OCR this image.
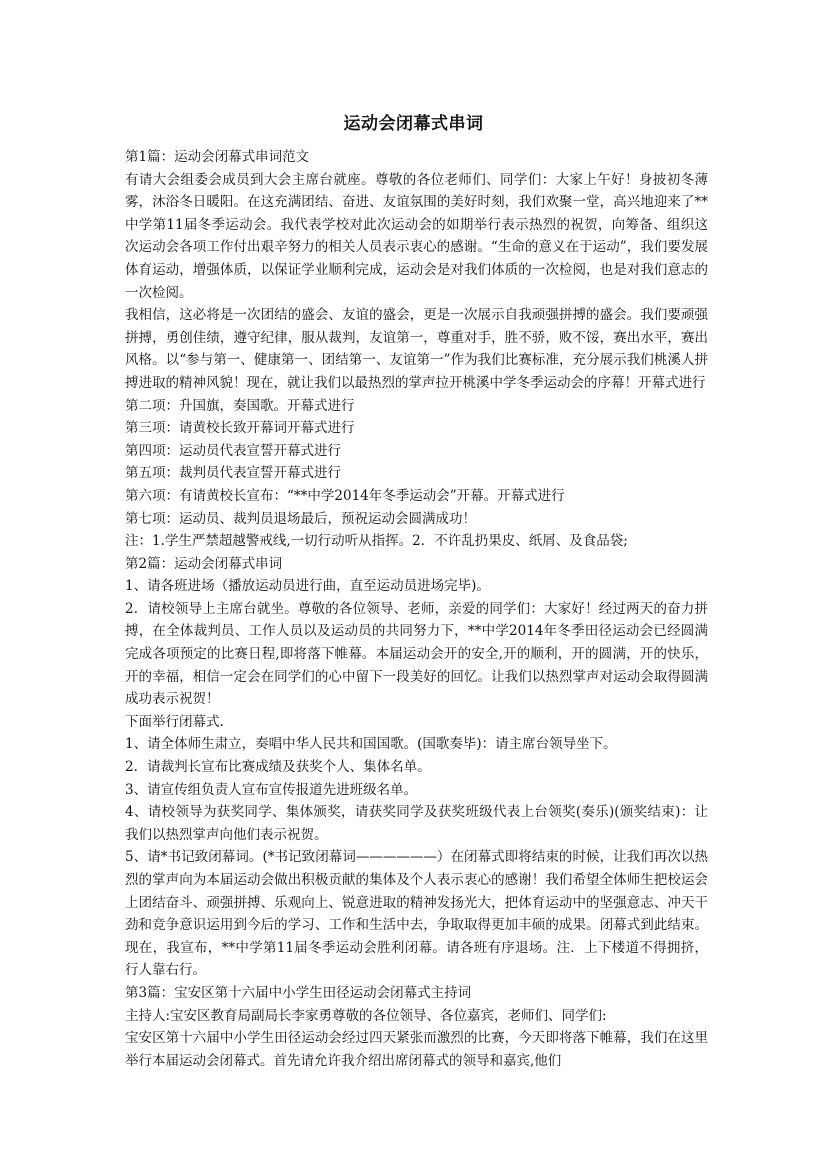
运动会闭幕式串词

第1篇：运动会闭幕式串词范文

有请大会组委会成员到大会主席台就座。尊敬的各位老师们、同学们：大家上午好！身披初冬薄雾，沐浴冬日暖阳。在这充满团结、奋进、友谊氛围的美好时刻，我们欢聚一堂，高兴地迎来了**中学第11届冬季运动会。我代表学校对此次运动会的如期举行表示热烈的祝贺，向筹备、组织这次运动会各项工作付出艰辛努力的相关人员表示衷心的感谢。“生命的意义在于运动”，我们要发展体育运动，增强体质，以保证学业顺利完成，运动会是对我们体质的一次检阅，也是对我们意志的一次检阅。

我相信，这必将是一次团结的盛会、友谊的盛会，更是一次展示自我顽强拼搏的盛会。我们要顽强拼搏，勇创佳绩，遵守纪律，服从裁判，友谊第一，尊重对手，胜不骄，败不馁，赛出水平，赛出风格。以“参与第一、健康第一、团结第一、友谊第一”作为我们比赛标准，充分展示我们桃溪人拼搏进取的精神风貌！现在，就让我们以最热烈的掌声拉开桃溪中学冬季运动会的序幕！开幕式进行

第二项：升国旗，奏国歌。开幕式进行

第三项：请黄校长致开幕词开幕式进行

第四项：运动员代表宣誓开幕式进行

第五项：裁判员代表宣誓开幕式进行

第六项：有请黄校长宣布：“**中学2014年冬季运动会”开幕。开幕式进行

第七项：运动员、裁判员退场最后，预祝运动会圆满成功！

注：1.学生严禁超越警戒线,一切行动听从指挥。2．不许乱扔果皮、纸屑、及食品袋;

第2篇：运动会闭幕式串词

1、请各班进场（播放运动员进行曲，直至运动员进场完毕)。

2．请校领导上主席台就坐。尊敬的各位领导、老师，亲爱的同学们：大家好！经过两天的奋力拼搏，在全体裁判员、工作人员以及运动员的共同努力下，**中学2014年冬季田径运动会已经圆满完成各项预定的比赛日程,即将落下帷幕。本届运动会开的安全,开的顺利，开的圆满，开的快乐，开的幸福，相信一定会在同学们的心中留下一段美好的回忆。让我们以热烈掌声对运动会取得圆满成功表示祝贺！

下面举行闭幕式.

1、请全体师生肃立，奏唱中华人民共和国国歌。(国歌奏毕)：请主席台领导坐下。

2．请裁判长宣布比赛成绩及获奖个人、集体名单。

3、请宣传组负责人宣布宣传报道先进班级名单。

4、请校领导为获奖同学、集体颁奖，请获奖同学及获奖班级代表上台领奖(奏乐)(颁奖结束)：让我们以热烈掌声向他们表示祝贺。

5、请*书记致闭幕词。(*书记致闭幕词——————）在闭幕式即将结束的时候，让我们再次以热烈的掌声向为本届运动会做出积极贡献的集体及个人表示衷心的感谢！我们希望全体师生把校运会上团结奋斗、顽强拼搏、乐观向上、锐意进取的精神发扬光大，把体育运动中的坚强意志、冲天干劲和竞争意识运用到今后的学习、工作和生活中去，争取取得更加丰硕的成果。闭幕式到此结束。现在，我宣布，**中学第11届冬季运动会胜利闭幕。请各班有序退场。注．上下楼道不得拥挤，行人靠右行。

第3篇：宝安区第十六届中小学生田径运动会闭幕式主持词

主持人:宝安区教育局副局长李家勇尊敬的各位领导、各位嘉宾，老师们、同学们:

宝安区第十六届中小学生田径运动会经过四天紧张而激烈的比赛，今天即将落下帷幕，我们在这里举行本届运动会闭幕式。首先请允许我介绍出席闭幕式的领导和嘉宾,他们
